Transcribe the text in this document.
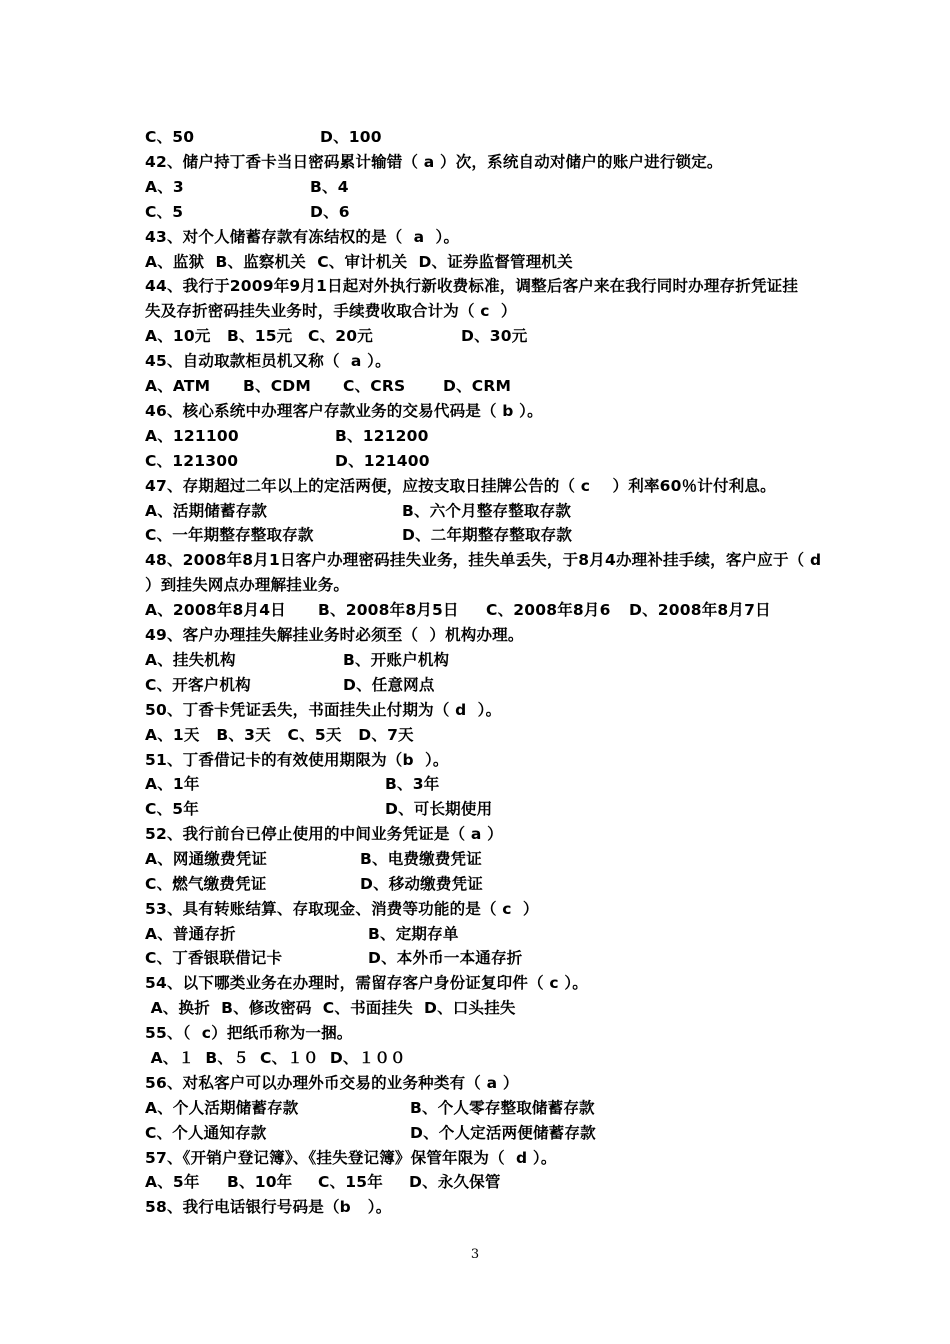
C、50	D、100
42、储户持丁香卡当日密码累计输错（ a ）次，系统自动对储户的账户进行锁定。
A、3	B、4
C、5	D、6
43、对个人储蓄存款有冻结权的是（  a  ）。
A、监狱  B、监察机关  C、审计机关  D、证券监督管理机关
44、我行于2009年9月1日起对外执行新收费标准，调整后客户来在我行同时办理存折凭证挂
失及存折密码挂失业务时，手续费收取合计为（ c  ）
A、10元 B、15元 C、20元	D、30元
45、自动取款柜员机又称（  a ）。
A、ATM B、CDM C、CRS D、CRM
46、核心系统中办理客户存款业务的交易代码是（ b ）。
A、121100	B、121200
C、121300	D、121400
47、存期超过二年以上的定活两便，应按支取日挂牌公告的（ c    ）利率60％计付利息。
A、活期储蓄存款	B、六个月整存整取存款
C、一年期整存整取存款	D、二年期整存整取存款
48、2008年8月1日客户办理密码挂失业务，挂失单丢失，于8月4办理补挂手续，客户应于（ d
）到挂失网点办理解挂业务。
A、2008年8月4日 B、2008年8月5日 C、2008年8月6 D、2008年8月7日
49、客户办理挂失解挂业务时必须至（  ）机构办理。
A、挂失机构	B、开账户机构
C、开客户机构	D、任意网点
50、丁香卡凭证丢失，书面挂失止付期为（ d  ）。
A、1天   B、3天   C、5天   D、7天
51、丁香借记卡的有效使用期限为（b  ）。
A、1年	B、3年
C、5年	D、可长期使用
52、我行前台已停止使用的中间业务凭证是（ a ）
A、网通缴费凭证	B、电费缴费凭证
C、燃气缴费凭证	D、移动缴费凭证
53、具有转账结算、存取现金、消费等功能的是（ c  ）
A、普通存折	B、定期存单
C、丁香银联借记卡	D、本外币一本通存折
54、以下哪类业务在办理时，需留存客户身份证复印件（ c ）。
A、换折  B、修改密码  C、书面挂失  D、口头挂失
55、（  c）把纸币称为一捆。
A、１  B、５  C、１０  D、１００
56、对私客户可以办理外币交易的业务种类有（ a ）
A、个人活期储蓄存款	B、个人零存整取储蓄存款
C、个人通知存款	D、个人定活两便储蓄存款
57、《开销户登记簿》、《挂失登记簿》保管年限为（  d ）。
A、5年 B、10年 C、15年 D、永久保管
58、我行电话银行号码是（b   ）。
3
